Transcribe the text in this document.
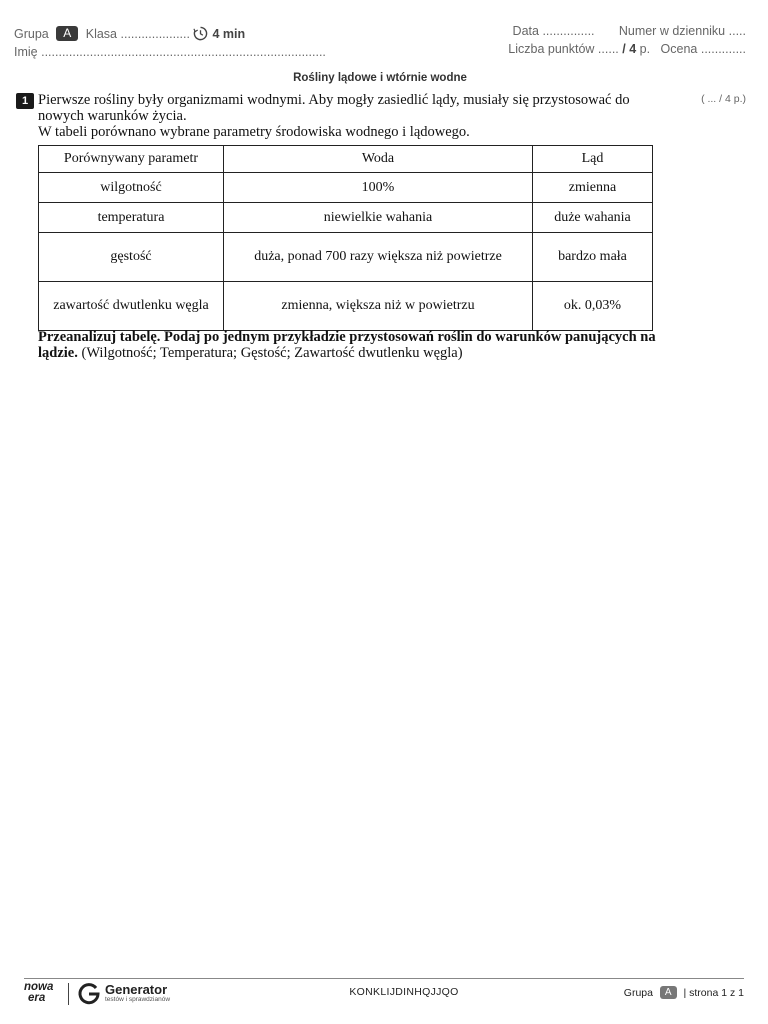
Grupa A Klasa .................... 4 min
Imię ..................................................................................
Data ............... Numer w dzienniku .....
Liczba punktów ...... / 4 p. Ocena .............
Rośliny lądowe i wtórnie wodne
1	( ... / 4 p.)

Pierwsze rośliny były organizmami wodnymi. Aby mogły zasiedlić lądy, musiały się przystosować do nowych warunków życia.

W tabeli porównano wybrane parametry środowiska wodnego i lądowego.

Porównywany parametr	Woda	Ląd
wilgotność	100%	zmienna
temperatura	niewielkie wahania	duże wahania
gęstość	duża, ponad 700 razy większa niż powietrze	bardzo mała
zawartość dwutlenku węgla	zmienna, większa niż w powietrzu	ok. 0,03%
Przeanalizuj tabelę. Podaj po jednym przykładzie przystosowań roślin do warunków panujących na lądzie. (Wilgotność; Temperatura; Gęstość; Zawartość dwutlenku węgla)
nowa
era
Generator
testów i sprawdzianów
KONKLIJDINHQJJQO	Grupa A | strona 1 z 1
